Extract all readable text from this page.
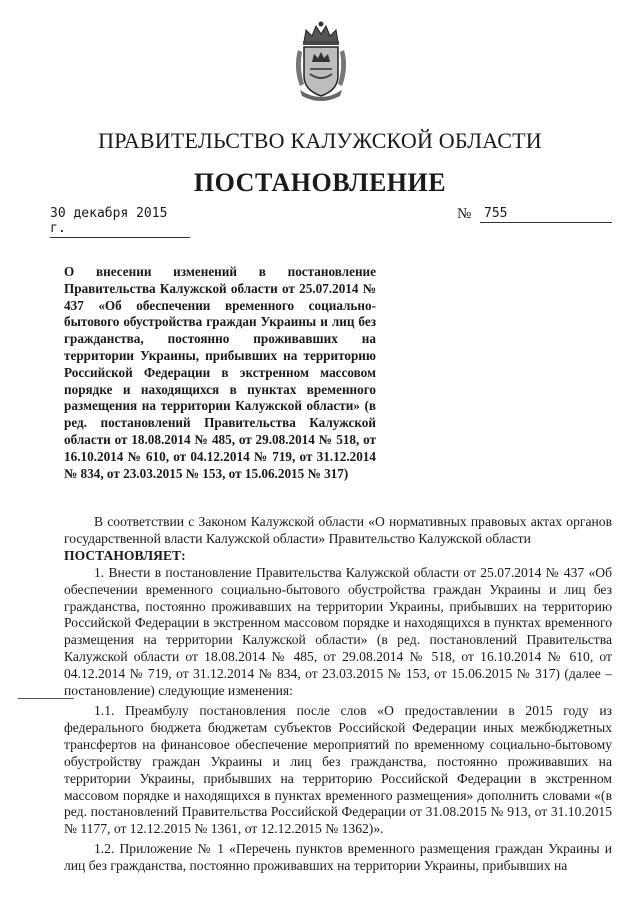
ПРАВИТЕЛЬСТВО КАЛУЖСКОЙ ОБЛАСТИ
ПОСТАНОВЛЕНИЕ
30 декабря 2015 г.
№ 755
О внесении изменений в постановление Правительства Калужской области от 25.07.2014 № 437 «Об обеспечении временного социально-бытового обустройства граждан Украины и лиц без гражданства, постоянно проживавших на территории Украины, прибывших на территорию Российской Федерации в экстренном массовом порядке и находящихся в пунктах временного размещения на территории Калужской области» (в ред. постановлений Правительства Калужской области от 18.08.2014 № 485, от 29.08.2014 № 518, от 16.10.2014 № 610, от 04.12.2014 № 719, от 31.12.2014 № 834, от 23.03.2015 № 153, от 15.06.2015 № 317)

В соответствии с Законом Калужской области «О нормативных правовых актах органов государственной власти Калужской области» Правительство Калужской области

ПОСТАНОВЛЯЕТ:

1. Внести в постановление Правительства Калужской области от 25.07.2014 № 437 «Об обеспечении временного социально-бытового обустройства граждан Украины и лиц без гражданства, постоянно проживавших на территории Украины, прибывших на территорию Российской Федерации в экстренном массовом порядке и находящихся в пунктах временного размещения на территории Калужской области» (в ред. постановлений Правительства Калужской области от 18.08.2014 № 485, от 29.08.2014 № 518, от 16.10.2014 № 610, от 04.12.2014 № 719, от 31.12.2014 № 834, от 23.03.2015 № 153, от 15.06.2015 № 317) (далее – постановление) следующие изменения:

1.1. Преамбулу постановления после слов «О предоставлении в 2015 году из федерального бюджета бюджетам субъектов Российской Федерации иных межбюджетных трансфертов на финансовое обеспечение мероприятий по временному социально-бытовому обустройству граждан Украины и лиц без гражданства, постоянно проживавших на территории Украины, прибывших на территорию Российской Федерации в экстренном массовом порядке и находящихся в пунктах временного размещения» дополнить словами «(в ред. постановлений Правительства Российской Федерации от 31.08.2015 № 913, от 31.10.2015 № 1177, от 12.12.2015 № 1361, от 12.12.2015 № 1362)».

1.2. Приложение № 1 «Перечень пунктов временного размещения граждан Украины и лиц без гражданства, постоянно проживавших на территории Украины, прибывших на
